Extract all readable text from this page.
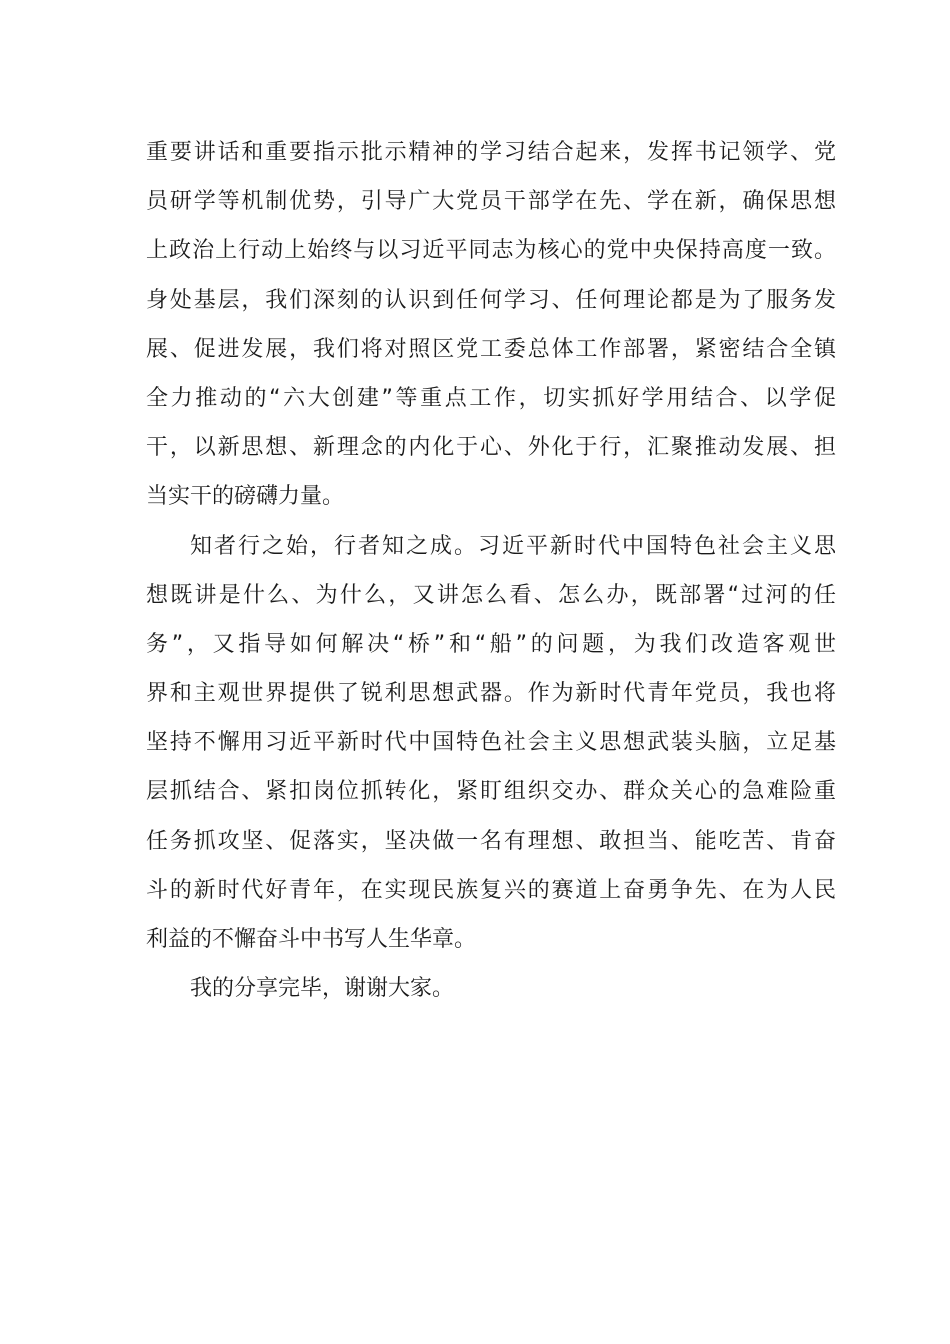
重要讲话和重要指示批示精神的学习结合起来，发挥书记领学、党
员研学等机制优势，引导广大党员干部学在先、学在新，确保思想
上政治上行动上始终与以习近平同志为核心的党中央保持高度一致。
身处基层，我们深刻的认识到任何学习、任何理论都是为了服务发
展、促进发展，我们将对照区党工委总体工作部署，紧密结合全镇
全力推动的“六大创建”等重点工作，切实抓好学用结合、以学促
干，以新思想、新理念的内化于心、外化于行，汇聚推动发展、担
当实干的磅礴力量。
知者行之始，行者知之成。习近平新时代中国特色社会主义思
想既讲是什么、为什么，又讲怎么看、怎么办，既部署“过河的任
务”，又指导如何解决“桥”和“船”的问题，为我们改造客观世
界和主观世界提供了锐利思想武器。作为新时代青年党员，我也将
坚持不懈用习近平新时代中国特色社会主义思想武装头脑，立足基
层抓结合、紧扣岗位抓转化，紧盯组织交办、群众关心的急难险重
任务抓攻坚、促落实，坚决做一名有理想、敢担当、能吃苦、肯奋
斗的新时代好青年，在实现民族复兴的赛道上奋勇争先、在为人民
利益的不懈奋斗中书写人生华章。
我的分享完毕，谢谢大家。
